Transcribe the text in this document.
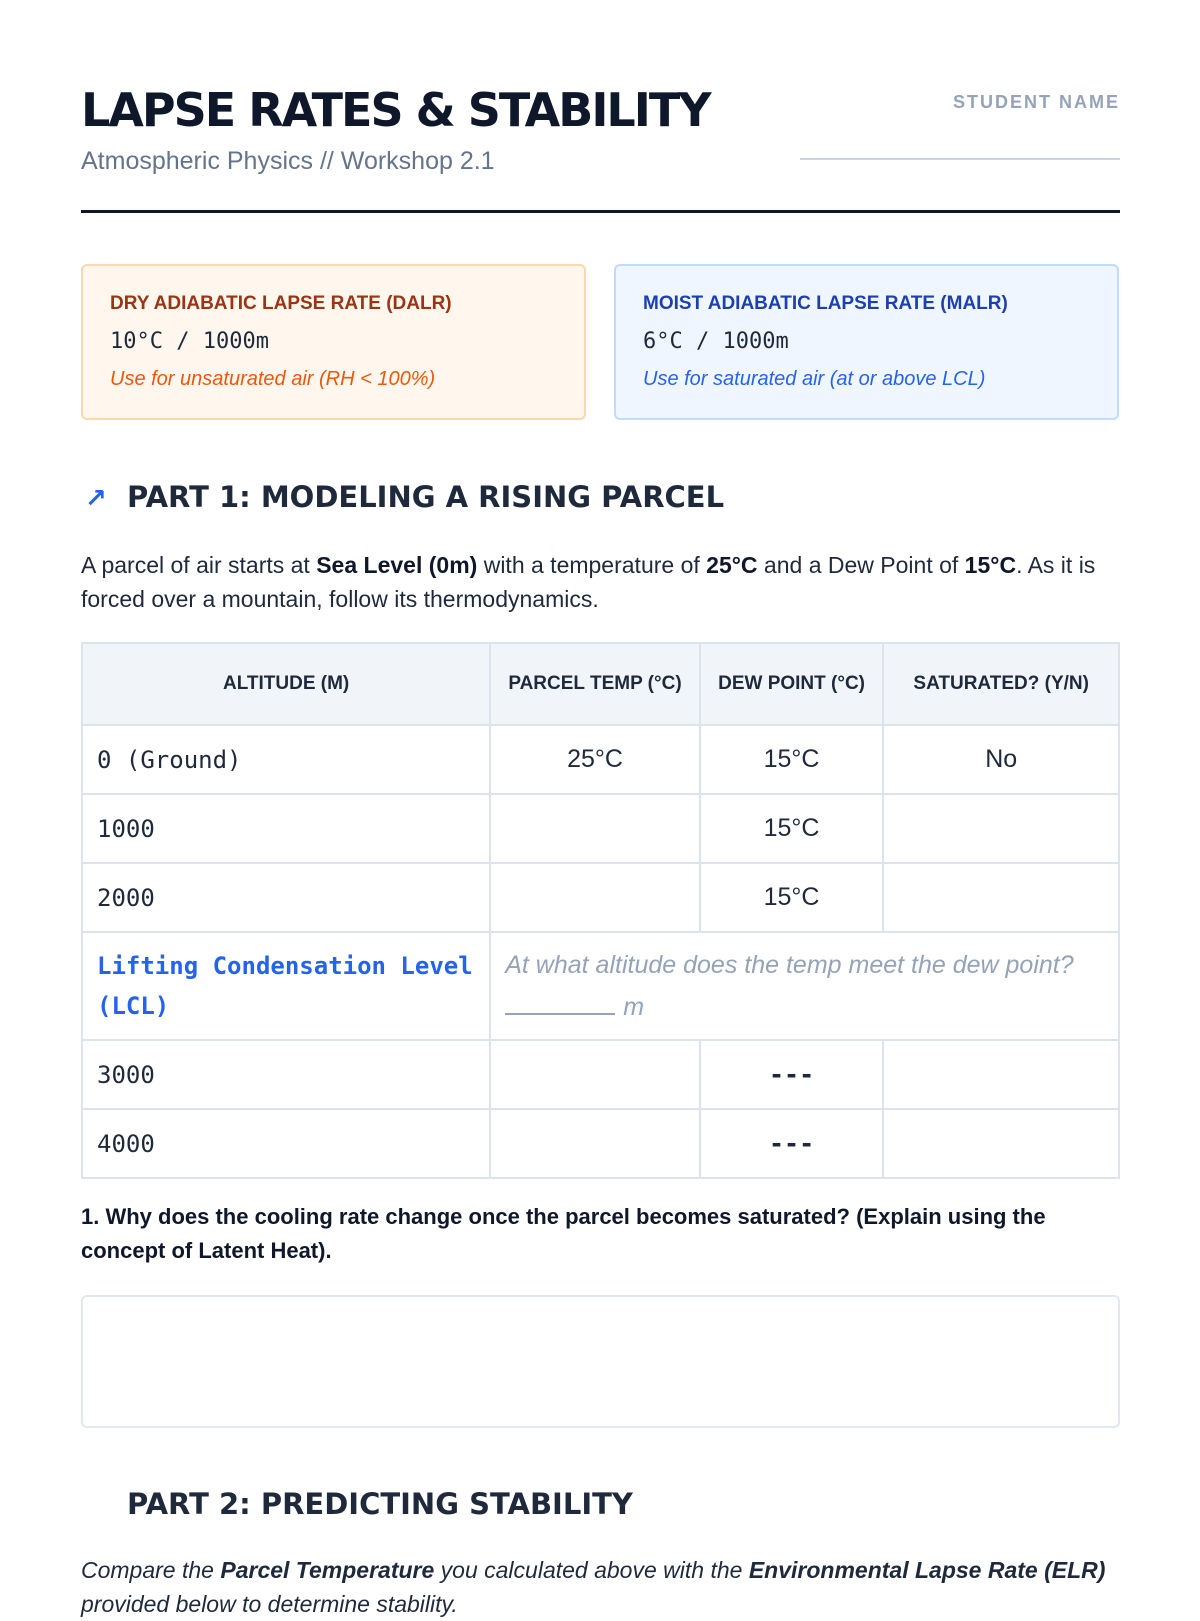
LAPSE RATES & STABILITY
Atmospheric Physics // Workshop 2.1
STUDENT NAME
DRY ADIABATIC LAPSE RATE (DALR)
10°C / 1000m
Use for unsaturated air (RH < 100%)
MOIST ADIABATIC LAPSE RATE (MALR)
6°C / 1000m
Use for saturated air (at or above LCL)
↗ PART 1: MODELING A RISING PARCEL
A parcel of air starts at Sea Level (0m) with a temperature of 25°C and a Dew Point of 15°C. As it is forced over a mountain, follow its thermodynamics.
ALTITUDE (M)	PARCEL TEMP (°C)	DEW POINT (°C)	SATURATED? (Y/N)
0 (Ground)	25°C	15°C	No
1000		15°C	
2000		15°C	
Lifting Condensation Level (LCL)	At what altitude does the temp meet the dew point?m		
3000		---	
4000		---	
1. Why does the cooling rate change once the parcel becomes saturated? (Explain using the concept of Latent Heat).
PART 2: PREDICTING STABILITY
Compare the Parcel Temperature you calculated above with the Environmental Lapse Rate (ELR) provided below to determine stability.
